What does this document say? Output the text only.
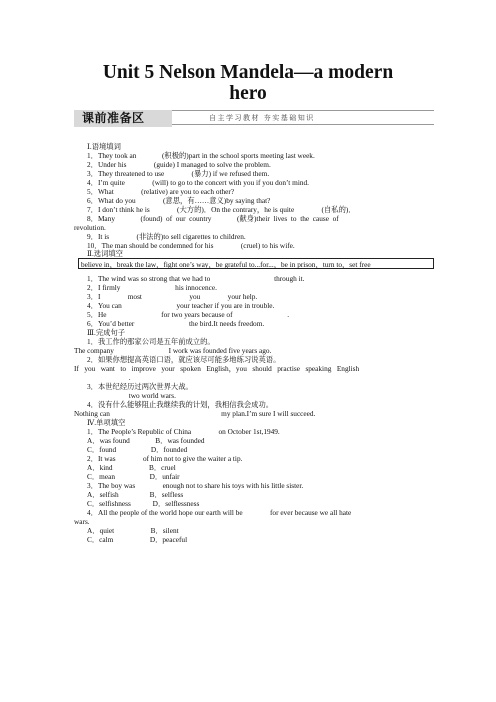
Unit 5 Nelson Mandela—a modern
hero
课前准备区	自主学习教材 夯实基础知识
Ⅰ.语境填词
1．They took an              (积极的)part in the school sports meeting last week.
2．Under his               (guide) I managed to solve the problem.
3．They threatened to use               (暴力) if we refused them.
4．I’m quite               (will) to go to the concert with you if you don’t mind.
5．What               (relative) are you to each other?
6．What do you               (意思，有……意义)by saying that?
7．I don’t think he is               (大方的)．On the contrary，he is quite               (自私的)．
8．Many              (found)  of  our  country              (献身)their  lives  to  the  cause  of
revolution.
9．It is               (非法的)to sell cigarettes to children.
10．The man should be condemned for his               (cruel) to his wife.
Ⅱ.选词填空
believe in，break the law，fight one’s way，be grateful to...for...，be in prison，turn to，set free
1．The wind was so strong that we had to                                   through it.
2．I firmly                              his innocence.
3．I               most                          you               your help.
4．You can                              your teacher if you are in trouble.
5．He                              for two years because of                              .
6．You’d better                              the bird.It needs freedom.
Ⅲ.完成句子
1．我工作的那家公司是五年前成立的。
The company                              I work was founded five years ago.
2．如果你想提高英语口语，就应该尽可能多地练习说英语。
If   you   want   to   improve   your   spoken   English，you   should   practise   speaking   English
.
3．本世纪经历过两次世界大战。
two world wars.
4．没有什么能够阻止我继续我的计划，我相信我会成功。
Nothing can                                                             my plan.I’m sure I will succeed.
Ⅳ.单项填空
1．The People’s Republic of China               on October 1st,1949.
A．was found              B．was founded
C．found                   D．founded
2．It was               of him not to give the waiter a tip.
A．kind                    B．cruel
C．mean                   D．unfair
3．The boy was               enough not to share his toys with his little sister.
A．selfish                 B．selfless
C．selfishness            D．selflessness
4．All the people of the world hope our earth will be               for ever because we all hate
wars.
A．quiet                    B．silent
C．calm                    D．peaceful
